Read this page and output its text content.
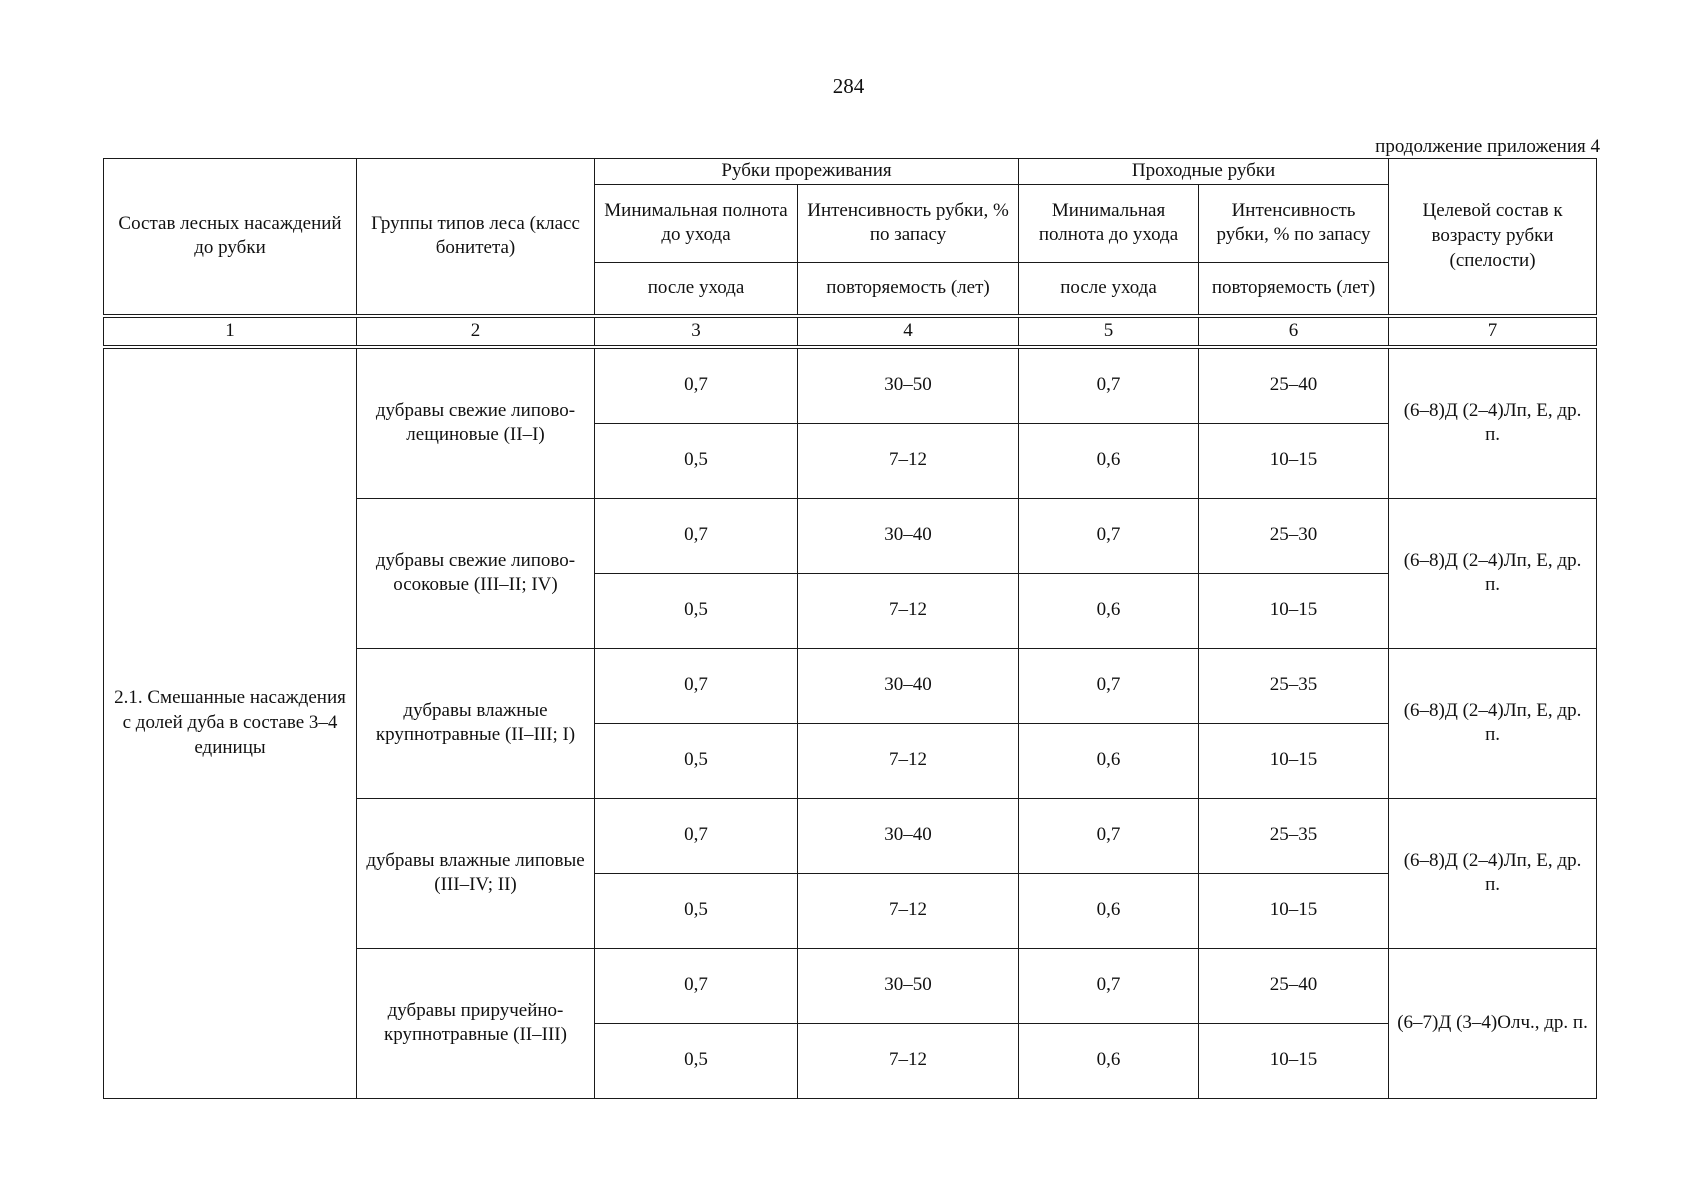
284
продолжение приложения 4
Состав лесных насаждений до рубки	Группы типов леса (класс бонитета)	Рубки прореживания		Проходные рубки		Целевой состав к возрасту рубки (спелости)
		Минимальная полнота до ухода	Интенсивность рубки, % по запасу	Минимальная полнота до ухода	Интенсивность рубки, % по запасу	
		после ухода	повторяемость (лет)	после ухода	повторяемость (лет)	
1	2	3	4	5	6	7
2.1. Смешанные насаждения с долей дуба в составе 3–4 единицы	дубравы свежие липово-лещиновые (II–I)	0,7	30–50	0,7	25–40	(6–8)Д (2–4)Лп, Е, др. п.
		0,5	7–12	0,6	10–15	
	дубравы свежие липово-осоковые (III–II; IV)	0,7	30–40	0,7	25–30	(6–8)Д (2–4)Лп, Е, др. п.
		0,5	7–12	0,6	10–15	
	дубравы влажные крупнотравные (II–III; I)	0,7	30–40	0,7	25–35	(6–8)Д (2–4)Лп, Е, др. п.
		0,5	7–12	0,6	10–15	
	дубравы влажные липовые (III–IV; II)	0,7	30–40	0,7	25–35	(6–8)Д (2–4)Лп, Е, др. п.
		0,5	7–12	0,6	10–15	
	дубравы приручейно-крупнотравные (II–III)	0,7	30–50	0,7	25–40	(6–7)Д (3–4)Олч., др. п.
		0,5	7–12	0,6	10–15	
